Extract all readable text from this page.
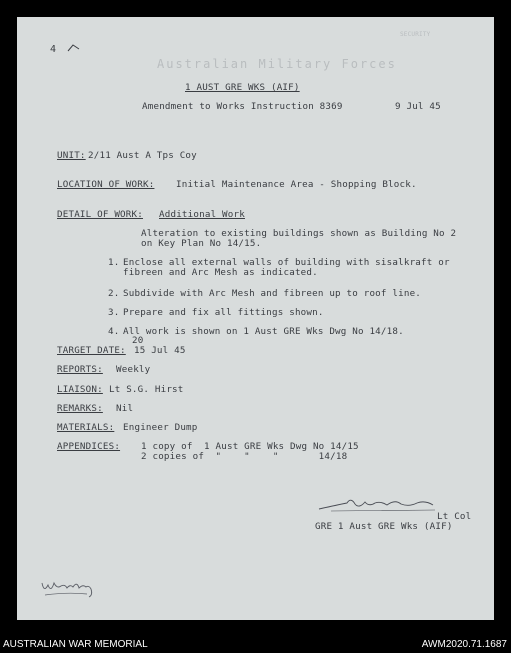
SECURITY
4
Australian Military Forces
1 AUST GRE WKS (AIF)
Amendment to Works Instruction 8369	9 Jul 45
UNIT: 2/11 Aust A Tps Coy
LOCATION OF WORK: Initial Maintenance Area - Shopping Block.
DETAIL OF WORK: Additional Work
Alteration to existing buildings shown as Building No 2
on Key Plan No 14/15.
1. Enclose all external walls of building with sisalkraft or
fibreen and Arc Mesh as indicated.
2. Subdivide with Arc Mesh and fibreen up to roof line.
3. Prepare and fix all fittings shown.
4. All work is shown on 1 Aust GRE Wks Dwg No 14/18.
20
TARGET DATE: 15 Jul 45
REPORTS: Weekly
LIAISON: Lt S.G. Hirst
REMARKS: Nil
MATERIALS: Engineer Dump
APPENDICES: 1 copy of  1 Aust GRE Wks Dwg No 14/15
2 copies of  "    "    "       14/18
Lt Col
GRE 1 Aust GRE Wks (AIF)
AUSTRALIAN WAR MEMORIAL	AWM2020.71.1687
